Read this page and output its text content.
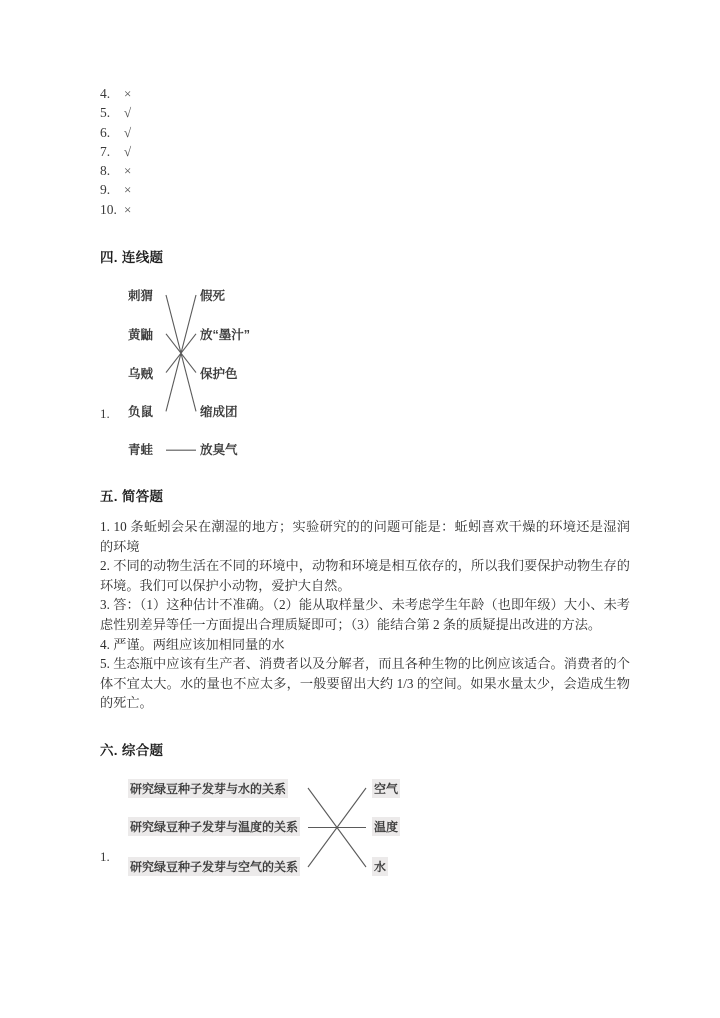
4. ×
5. √
6. √
7. √
8. ×
9. ×
10. ×
四. 连线题
1.
刺猬
黄鼬
乌贼
负鼠
青蛙
假死
放“墨汁”
保护色
缩成团
放臭气
五. 简答题

1. 10 条蚯蚓会呆在潮湿的地方；实验研究的的问题可能是：蚯蚓喜欢干燥的环境还是湿润的环境

2. 不同的动物生活在不同的环境中，动物和环境是相互依存的，所以我们要保护动物生存的环境。我们可以保护小动物，爱护大自然。

3. 答：（1）这种估计不准确。（2）能从取样量少、未考虑学生年龄（也即年级）大小、未考虑性别差异等任一方面提出合理质疑即可；（3）能结合第 2 条的质疑提出改进的方法。

4. 严谨。两组应该加相同量的水

5. 生态瓶中应该有生产者、消费者以及分解者，而且各种生物的比例应该适合。消费者的个体不宜太大。水的量也不应太多，一般要留出大约 1/3 的空间。如果水量太少，会造成生物的死亡。

六. 综合题
1.
研究绿豆种子发芽与水的关系
研究绿豆种子发芽与温度的关系
研究绿豆种子发芽与空气的关系
空气
温度
水
